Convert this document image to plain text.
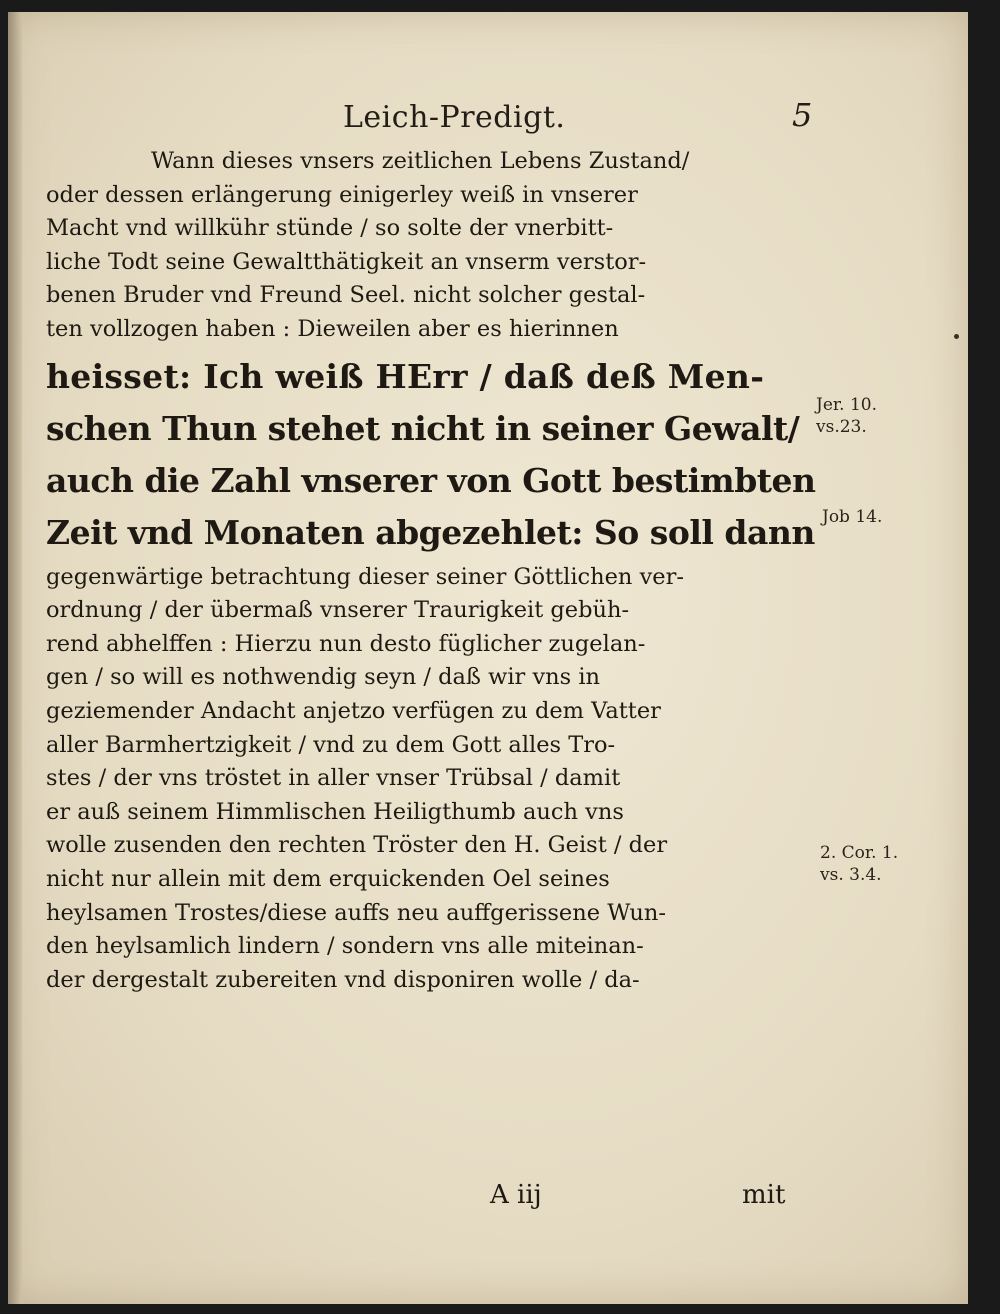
Leich-Predigt.	5
Wann dieses vnsers zeitlichen Lebens Zustand/
oder dessen erlängerung einigerley weiß in vnserer
Macht vnd willkühr stünde / so solte der vnerbitt-
liche Todt seine Gewaltthätigkeit an vnserm verstor-
benen Bruder vnd Freund Seel. nicht solcher gestal-
ten vollzogen haben : Dieweilen aber es hierinnen
heisset: Ich weiß HErr / daß deß Men-
schen Thun stehet nicht in seiner Gewalt/
auch die Zahl vnserer von Gott bestimbten
Zeit vnd Monaten abgezehlet: So soll dann
gegenwärtige betrachtung dieser seiner Göttlichen ver-
ordnung / der übermaß vnserer Traurigkeit gebüh-
rend abhelffen : Hierzu nun desto füglicher zugelan-
gen / so will es nothwendig seyn / daß wir vns in
geziemender Andacht anjetzo verfügen zu dem Vatter
aller Barmhertzigkeit / vnd zu dem Gott alles Tro-
stes / der vns tröstet in aller vnser Trübsal / damit
er auß seinem Himmlischen Heiligthumb auch vns
wolle zusenden den rechten Tröster den H. Geist / der
nicht nur allein mit dem erquickenden Oel seines
heylsamen Trostes/diese auffs neu auffgerissene Wun-
den heylsamlich lindern / sondern vns alle miteinan-
der dergestalt zubereiten vnd disponiren wolle / da-
Jer. 10.
vs.23.
Job 14.
2. Cor. 1.
vs. 3.4.
A iij	mit
